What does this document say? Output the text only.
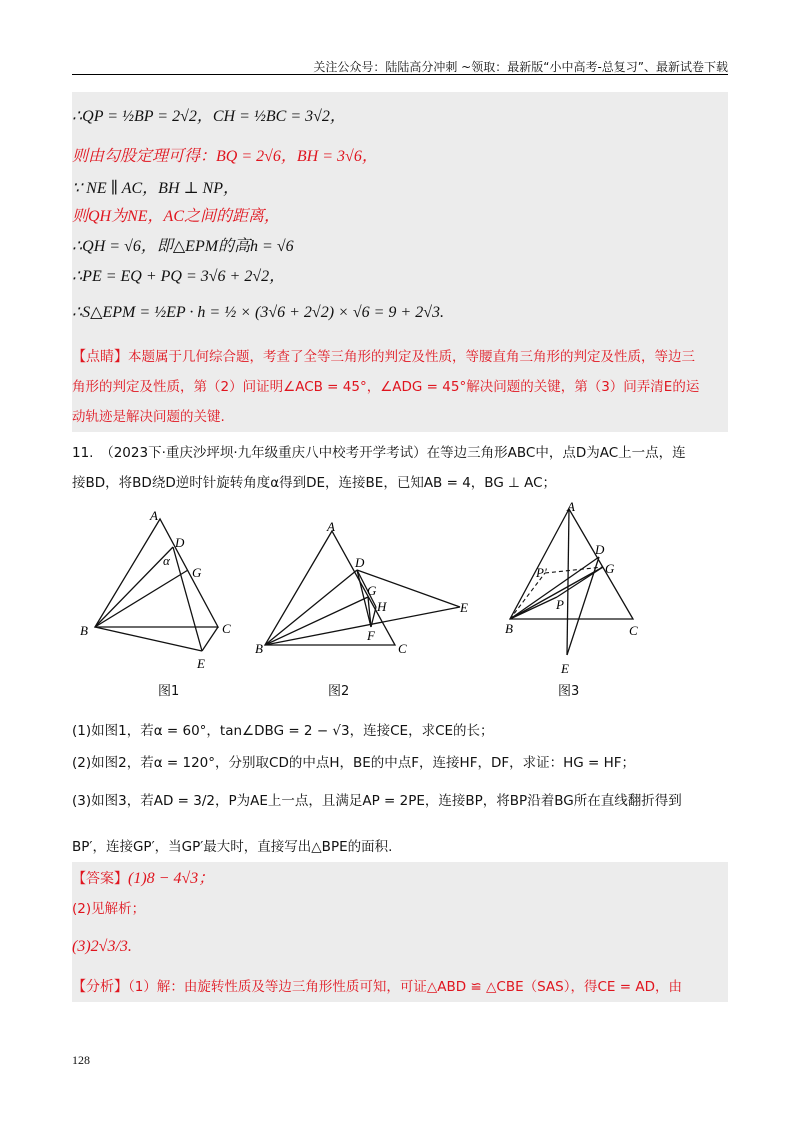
关注公众号：陆陆高分冲刺 ~领取：最新版“小中高考-总复习”、最新试卷下载
∴QP = ½BP = 2√2，CH = ½BC = 3√2，
则由勾股定理可得：BQ = 2√6，BH = 3√6，
∵ NE ∥ AC，BH ⊥ NP，
则QH为NE，AC之间的距离，
∴QH = √6，即△EPM的高h = √6
∴PE = EQ + PQ = 3√6 + 2√2，
∴S△EPM = ½EP · h = ½ × (3√6 + 2√2) × √6 = 9 + 2√3.
【点睛】本题属于几何综合题，考查了全等三角形的判定及性质，等腰直角三角形的判定及性质，等边三
角形的判定及性质，第（2）问证明∠ACB = 45°，∠ADG = 45°解决问题的关键，第（3）问弄清E的运
动轨迹是解决问题的关键.
11.　（2023下·重庆沙坪坝·九年级重庆八中校考开学考试）在等边三角形ABC中，点D为AC上一点，连
接BD，将BD绕D逆时针旋转角度α得到DE，连接BE，已知AB = 4，BG ⊥ AC；
A
D
α
G
B	C
E
图1
A
D
G
H	E
F
B	C
图2
A
D
P′	G
P
B	C
E
图3
(1)如图1，若α = 60°，tan∠DBG = 2 − √3，连接CE，求CE的长；
(2)如图2，若α = 120°，分别取CD的中点H，BE的中点F，连接HF，DF，求证：HG = HF；
(3)如图3，若AD = 3/2，P为AE上一点，且满足AP = 2PE，连接BP，将BP沿着BG所在直线翻折得到
BP′，连接GP′，当GP′最大时，直接写出△BPE的面积.
【答案】(1)8 − 4√3；
(2)见解析；
(3)2√3/3.
【分析】（1）解：由旋转性质及等边三角形性质可知，可证△ABD ≌ △CBE（SAS），得CE = AD，由
128
